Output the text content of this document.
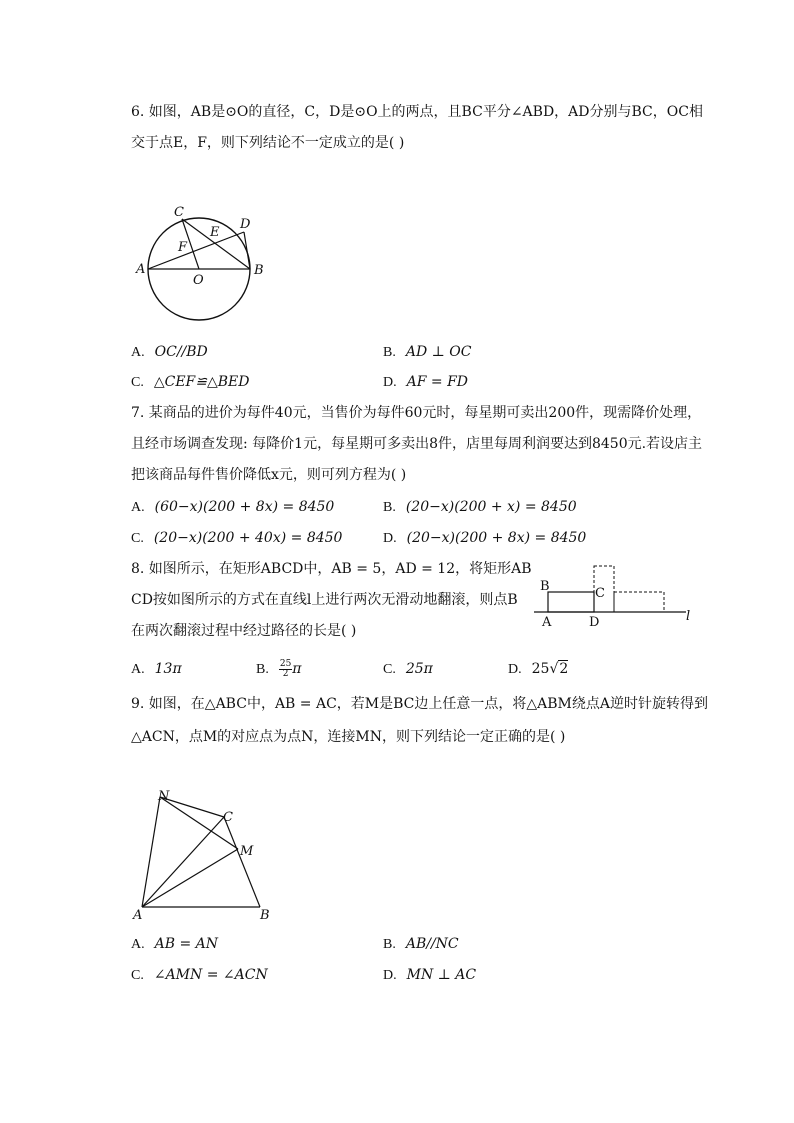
6. 如图，AB是⊙O的直径，C，D是⊙O上的两点，且BC平分∠ABD，AD分别与BC，OC相
交于点E，F，则下列结论不一定成立的是( )
A	B
C
D
E
F
O
A. OC//BD	B. AD ⊥ OC
C. △CEF≌△BED	D. AF = FD
7. 某商品的进价为每件40元，当售价为每件60元时，每星期可卖出200件，现需降价处理，
且经市场调查发现: 每降价1元，每星期可多卖出8件，店里每周利润要达到8450元.若设店主
把该商品每件售价降低x元，则可列方程为( )
A. (60−x)(200 + 8x) = 8450	B. (20−x)(200 + x) = 8450
C. (20−x)(200 + 40x) = 8450	D. (20−x)(200 + 8x) = 8450
8. 如图所示，在矩形ABCD中，AB = 5，AD = 12，将矩形AB
CD按如图所示的方式在直线l上进行两次无滑动地翻滚，则点B
在两次翻滚过程中经过路径的长是( )
B	C
A	D	l
A. 13π	B. $\frac{25}{2}$ π	C. 25π	D. 25√2
9. 如图，在△ABC中，AB = AC，若M是BC边上任意一点，将△ABM绕点A逆时针旋转得到
△ACN，点M的对应点为点N，连接MN，则下列结论一定正确的是( )
N
C
M
A	B
A. AB = AN	B. AB//NC
C. ∠AMN = ∠ACN	D. MN ⊥ AC
